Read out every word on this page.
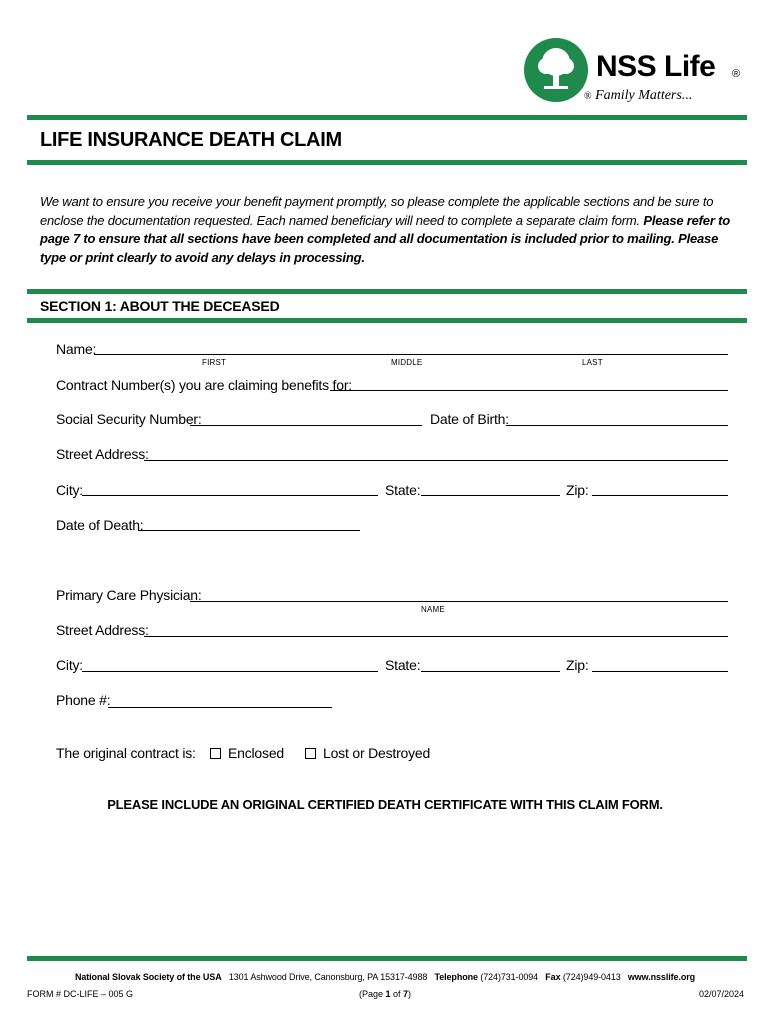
NSS Life ®
® Family Matters...
LIFE INSURANCE DEATH CLAIM
We want to ensure you receive your benefit payment promptly, so please complete the applicable sections and be sure to enclose the documentation requested. Each named beneficiary will need to complete a separate claim form. Please refer to page 7 to ensure that all sections have been completed and all documentation is included prior to mailing. Please type or print clearly to avoid any delays in processing.
SECTION 1: ABOUT THE DECEASED
Name:
FIRST	MIDDLE	LAST
Contract Number(s) you are claiming benefits for:
Social Security Number:	Date of Birth:
Street Address:
City:	State:	Zip:
Date of Death:
Primary Care Physician:
NAME
Street Address:
City:	State:	Zip:
Phone #:
The original contract is: Enclosed	Lost or Destroyed
PLEASE INCLUDE AN ORIGINAL CERTIFIED DEATH CERTIFICATE WITH THIS CLAIM FORM.
National Slovak Society of the USA 1301 Ashwood Drive, Canonsburg, PA 15317-4988 Telephone (724)731-0094 Fax (724)949-0413 www.nsslife.org
FORM # DC-LIFE – 005 G	(Page 1 of 7)	02/07/2024
